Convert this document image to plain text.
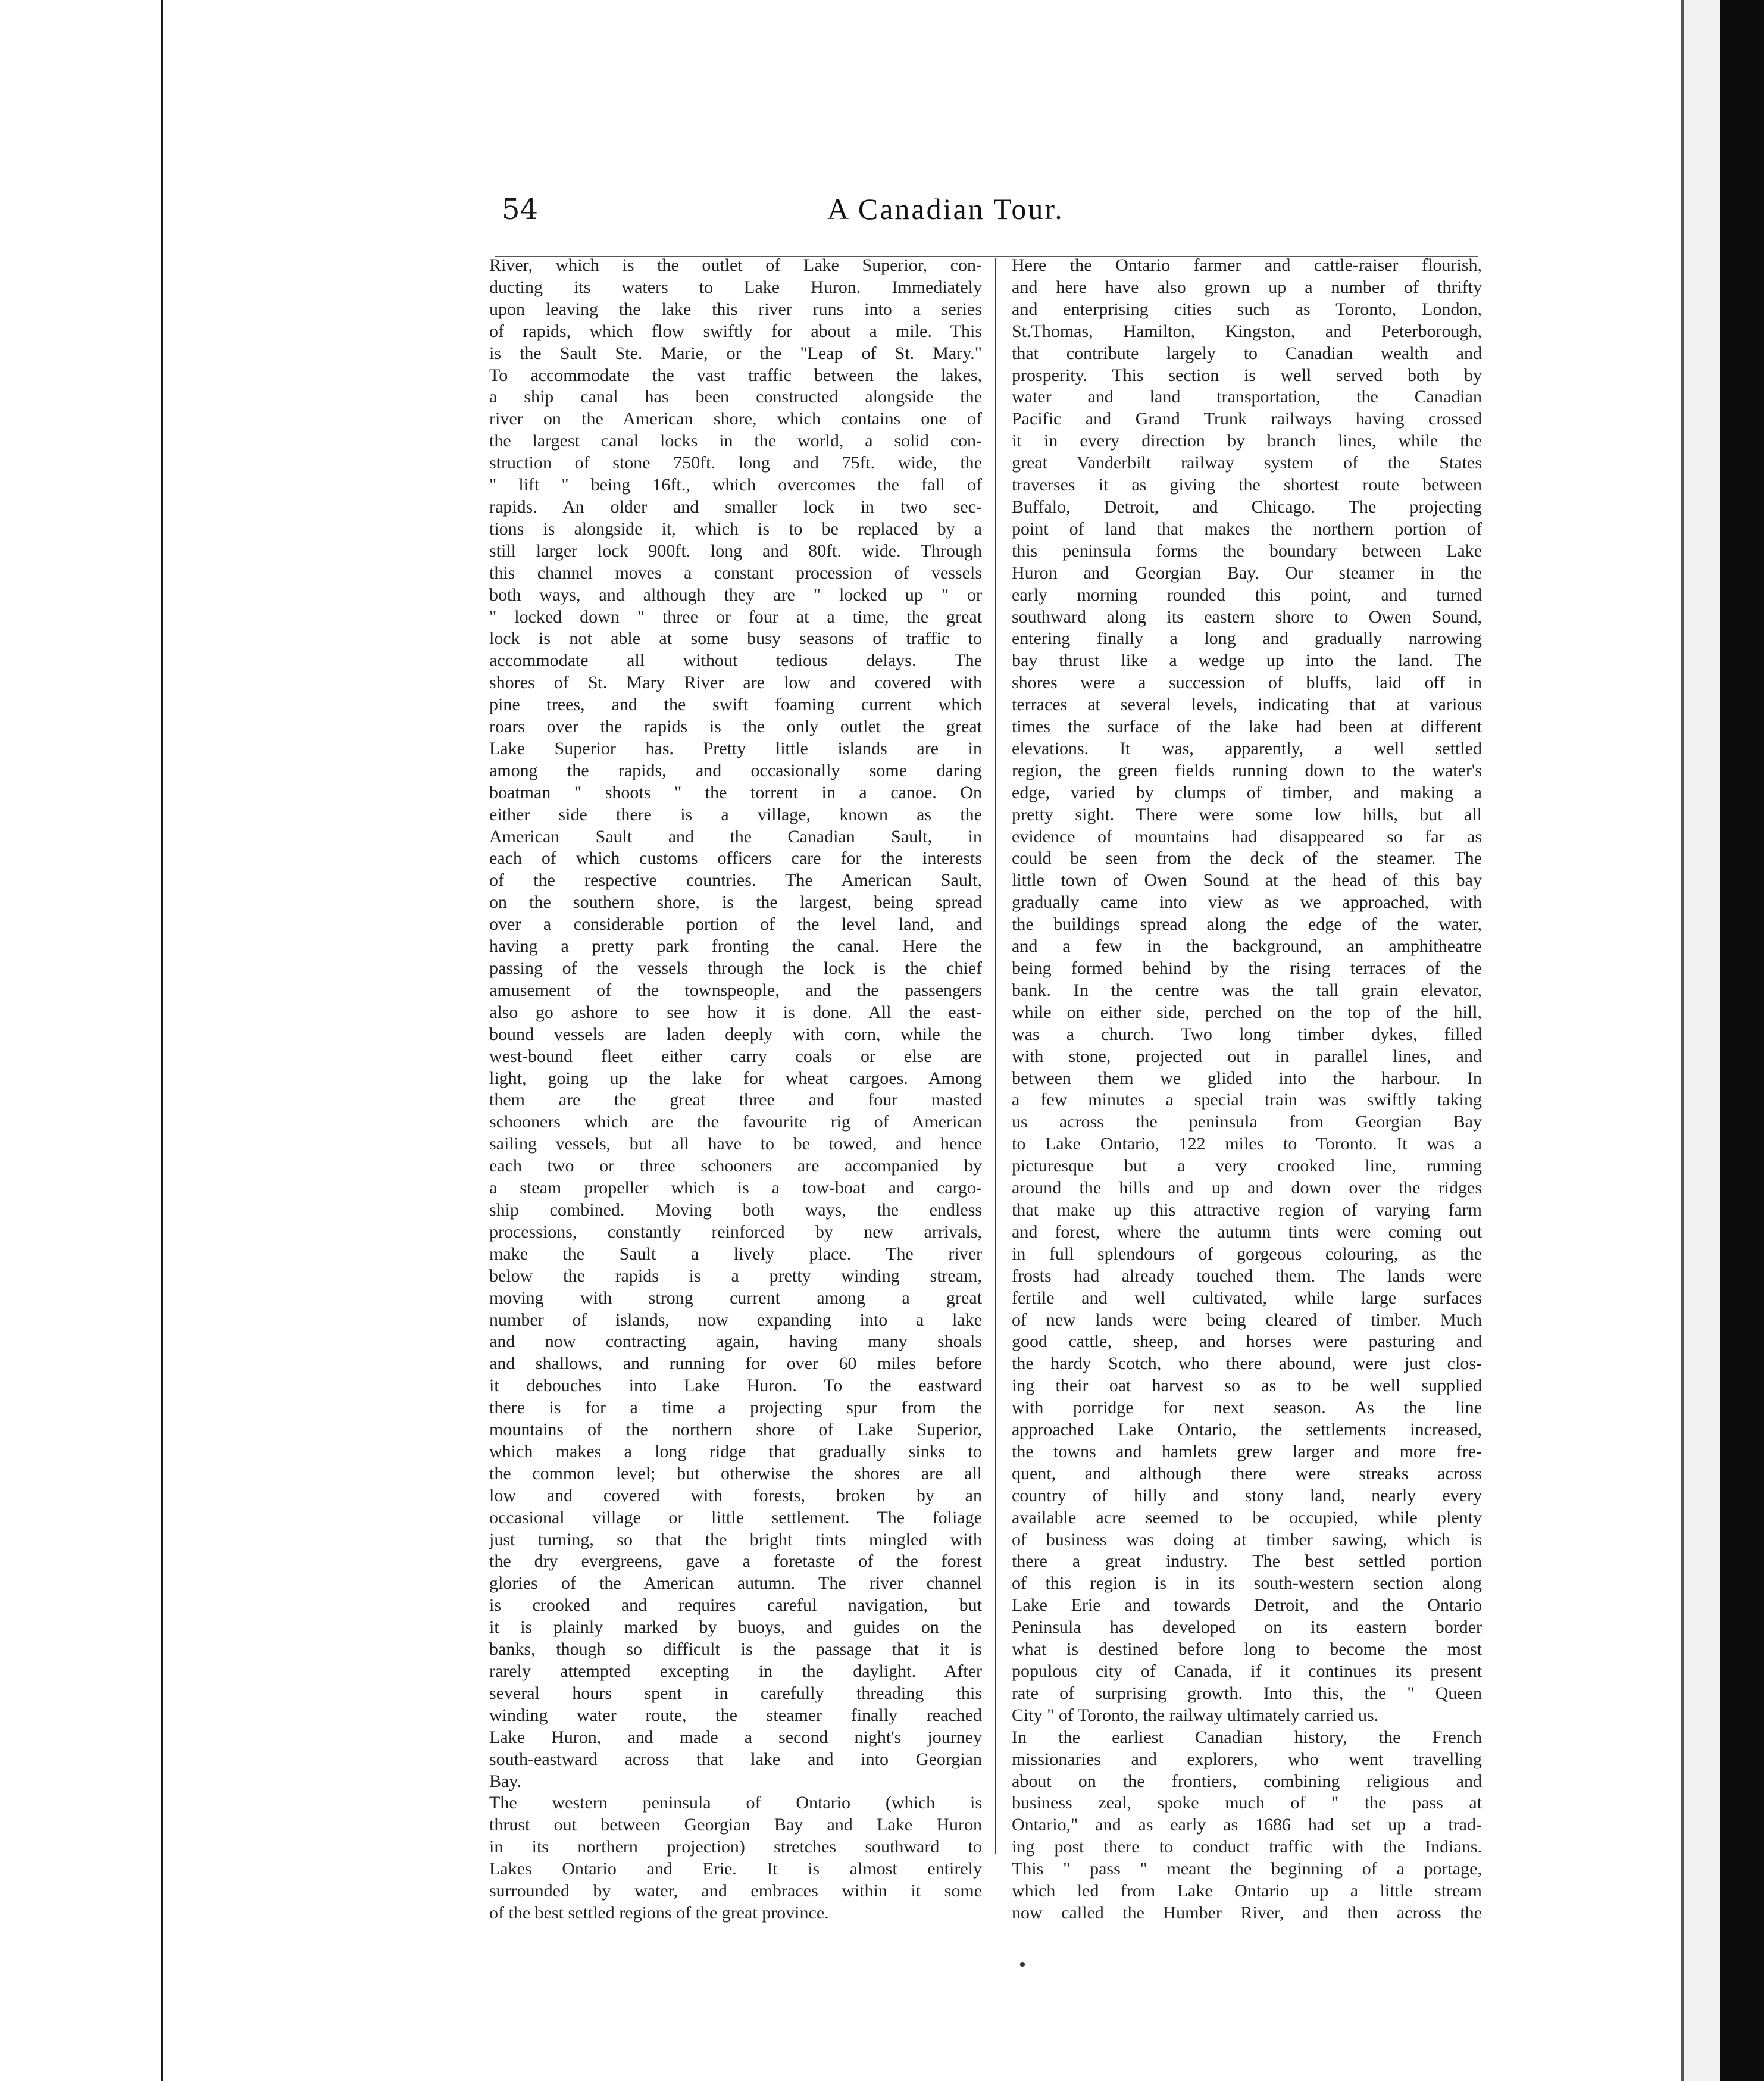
54	A Canadian Tour.
River, which is the outlet of Lake Superior, con-
ducting its waters to Lake Huron. Immediately
upon leaving the lake this river runs into a series
of rapids, which flow swiftly for about a mile. This
is the Sault Ste. Marie, or the "Leap of St. Mary."
To accommodate the vast traffic between the lakes,
a ship canal has been constructed alongside the
river on the American shore, which contains one of
the largest canal locks in the world, a solid con-
struction of stone 750ft. long and 75ft. wide, the
" lift " being 16ft., which overcomes the fall of
rapids. An older and smaller lock in two sec-
tions is alongside it, which is to be replaced by a
still larger lock 900ft. long and 80ft. wide. Through
this channel moves a constant procession of vessels
both ways, and although they are " locked up " or
" locked down " three or four at a time, the great
lock is not able at some busy seasons of traffic to
accommodate all without tedious delays. The
shores of St. Mary River are low and covered with
pine trees, and the swift foaming current which
roars over the rapids is the only outlet the great
Lake Superior has. Pretty little islands are in
among the rapids, and occasionally some daring
boatman " shoots " the torrent in a canoe. On
either side there is a village, known as the
American Sault and the Canadian Sault, in
each of which customs officers care for the interests
of the respective countries. The American Sault,
on the southern shore, is the largest, being spread
over a considerable portion of the level land, and
having a pretty park fronting the canal. Here the
passing of the vessels through the lock is the chief
amusement of the townspeople, and the passengers
also go ashore to see how it is done. All the east-
bound vessels are laden deeply with corn, while the
west-bound fleet either carry coals or else are
light, going up the lake for wheat cargoes. Among
them are the great three and four masted
schooners which are the favourite rig of American
sailing vessels, but all have to be towed, and hence
each two or three schooners are accompanied by
a steam propeller which is a tow-boat and cargo-
ship combined. Moving both ways, the endless
processions, constantly reinforced by new arrivals,
make the Sault a lively place. The river
below the rapids is a pretty winding stream,
moving with strong current among a great
number of islands, now expanding into a lake
and now contracting again, having many shoals
and shallows, and running for over 60 miles before
it debouches into Lake Huron. To the eastward
there is for a time a projecting spur from the
mountains of the northern shore of Lake Superior,
which makes a long ridge that gradually sinks to
the common level; but otherwise the shores are all
low and covered with forests, broken by an
occasional village or little settlement. The foliage
just turning, so that the bright tints mingled with
the dry evergreens, gave a foretaste of the forest
glories of the American autumn. The river channel
is crooked and requires careful navigation, but
it is plainly marked by buoys, and guides on the
banks, though so difficult is the passage that it is
rarely attempted excepting in the daylight. After
several hours spent in carefully threading this
winding water route, the steamer finally reached
Lake Huron, and made a second night's journey
south-eastward across that lake and into Georgian
Bay.
The western peninsula of Ontario (which is
thrust out between Georgian Bay and Lake Huron
in its northern projection) stretches southward to
Lakes Ontario and Erie. It is almost entirely
surrounded by water, and embraces within it some
of the best settled regions of the great province.
Here the Ontario farmer and cattle-raiser flourish,
and here have also grown up a number of thrifty
and enterprising cities such as Toronto, London,
St.Thomas, Hamilton, Kingston, and Peterborough,
that contribute largely to Canadian wealth and
prosperity. This section is well served both by
water and land transportation, the Canadian
Pacific and Grand Trunk railways having crossed
it in every direction by branch lines, while the
great Vanderbilt railway system of the States
traverses it as giving the shortest route between
Buffalo, Detroit, and Chicago. The projecting
point of land that makes the northern portion of
this peninsula forms the boundary between Lake
Huron and Georgian Bay. Our steamer in the
early morning rounded this point, and turned
southward along its eastern shore to Owen Sound,
entering finally a long and gradually narrowing
bay thrust like a wedge up into the land. The
shores were a succession of bluffs, laid off in
terraces at several levels, indicating that at various
times the surface of the lake had been at different
elevations. It was, apparently, a well settled
region, the green fields running down to the water's
edge, varied by clumps of timber, and making a
pretty sight. There were some low hills, but all
evidence of mountains had disappeared so far as
could be seen from the deck of the steamer. The
little town of Owen Sound at the head of this bay
gradually came into view as we approached, with
the buildings spread along the edge of the water,
and a few in the background, an amphitheatre
being formed behind by the rising terraces of the
bank. In the centre was the tall grain elevator,
while on either side, perched on the top of the hill,
was a church. Two long timber dykes, filled
with stone, projected out in parallel lines, and
between them we glided into the harbour. In
a few minutes a special train was swiftly taking
us across the peninsula from Georgian Bay
to Lake Ontario, 122 miles to Toronto. It was a
picturesque but a very crooked line, running
around the hills and up and down over the ridges
that make up this attractive region of varying farm
and forest, where the autumn tints were coming out
in full splendours of gorgeous colouring, as the
frosts had already touched them. The lands were
fertile and well cultivated, while large surfaces
of new lands were being cleared of timber. Much
good cattle, sheep, and horses were pasturing and
the hardy Scotch, who there abound, were just clos-
ing their oat harvest so as to be well supplied
with porridge for next season. As the line
approached Lake Ontario, the settlements increased,
the towns and hamlets grew larger and more fre-
quent, and although there were streaks across
country of hilly and stony land, nearly every
available acre seemed to be occupied, while plenty
of business was doing at timber sawing, which is
there a great industry. The best settled portion
of this region is in its south-western section along
Lake Erie and towards Detroit, and the Ontario
Peninsula has developed on its eastern border
what is destined before long to become the most
populous city of Canada, if it continues its present
rate of surprising growth. Into this, the " Queen
City " of Toronto, the railway ultimately carried us.
In the earliest Canadian history, the French
missionaries and explorers, who went travelling
about on the frontiers, combining religious and
business zeal, spoke much of " the pass at
Ontario," and as early as 1686 had set up a trad-
ing post there to conduct traffic with the Indians.
This " pass " meant the beginning of a portage,
which led from Lake Ontario up a little stream
now called the Humber River, and then across the
